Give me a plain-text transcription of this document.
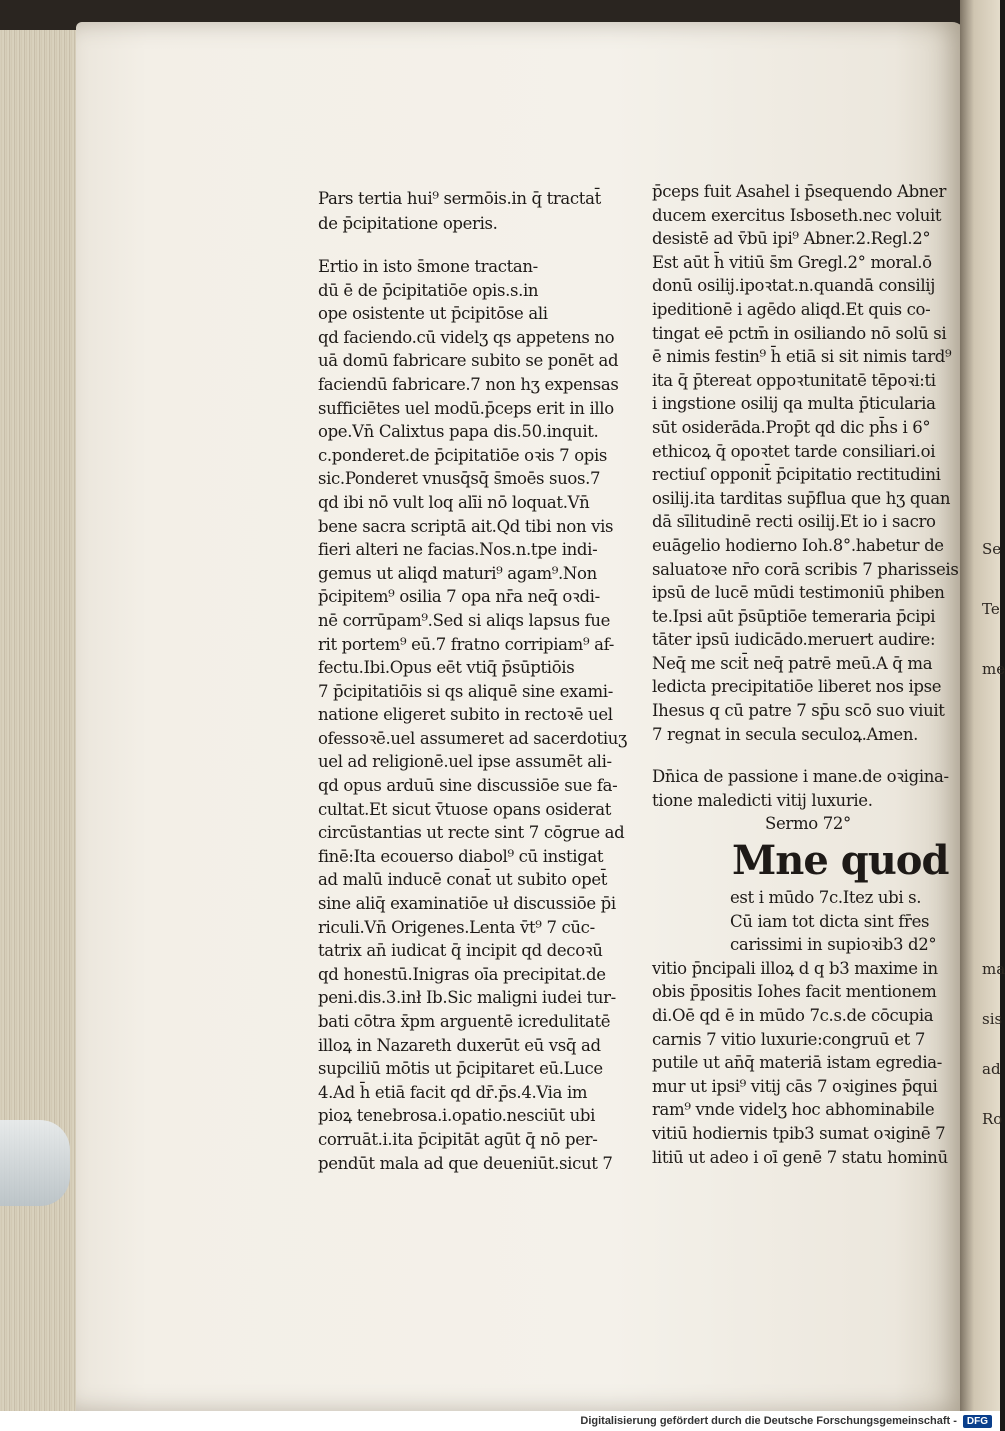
Se
Te
me
ma
sis
ad
Ro
Pars tertia hui⁹ sermōis.in q̄ tractat̄
de p̄cipitatione operis.
Ertio in isto s̄mone tractan-
dū ē de p̄cipitatiōe opis.s.in
ope osistente ut p̄cipitōse ali
qd faciendo.cū videlʒ qs appetens no
uā domū fabricare subito se ponēt ad
faciendū fabricare.7 non hʒ expensas
sufficiētes uel modū.p̄ceps erit in illo
ope.Vn̄ Calixtus papa dis.50.inquit.
c.ponderet.de p̄cipitatiōe oꝛis 7 opis
sic.Ponderet vnusq̄sq̄ s̄moēs suos.7
qd ibi nō vult loq alīi nō loquat.Vn̄
bene sacra scriptā ait.Qd tibi non vis
fieri alteri ne facias.Nos.n.tpe indi-
gemus ut aliqd maturi⁹ agam⁹.Non
p̄cipitem⁹ osilia 7 opa nr̄a neq̄ oꝛdi-
nē corrūpam⁹.Sed si aliqs lapsus fue
rit portem⁹ eū.7 fratno corripiam⁹ af-
fectu.Ibi.Opus eēt vtiq̄ p̄sūptiōis
7 p̄cipitatiōis si qs aliquē sine exami-
natione eligeret subito in rectoꝛē uel
ofessoꝛē.uel assumeret ad sacerdotiuʒ
uel ad religionē.uel ipse assumēt ali-
qd opus arduū sine discussiōe sue fa-
cultat.Et sicut v̄tuose opans osiderat
circūstantias ut recte sint 7 cōgrue ad
finē:Ita ecouerso diabol⁹ cū instigat
ad malū inducē conat̄ ut subito opet̄
sine aliq̄ examinatiōe uł discussiōe p̄i
riculi.Vn̄ Origenes.Lenta v̄t⁹ 7 cūc-
tatrix an̄ iudicat q̄ incipit qd decoꝛū
qd honestū.Inigras oīa precipitat.de
peni.dis.3.inł Ib.Sic maligni iudei tur-
bati cōtra x̄pm arguentē icredulitatē
illoꝝ in Nazareth duxerūt eū vsq̄ ad
supciliū mōtis ut p̄cipitaret eū.Luce
4.Ad h̄ etiā facit qd dr̄.p̄s.4.Via im
pioꝝ tenebrosa.i.opatio.nesciūt ubi
corruāt.i.ita p̄cipitāt agūt q̄ nō per-
pendūt mala ad que deueniūt.sicut 7
p̄ceps fuit Asahel i p̄sequendo Abner
ducem exercitus Isboseth.nec voluit
desistē ad v̄bū ipi⁹ Abner.2.Regl.2°
Est aūt h̄ vitiū s̄m Gregl.2° moral.ō
donū osilij.ipoꝛtat.n.quandā consilij
ipeditionē i agēdo aliqd.Et quis co-
tingat eē pctm̄ in osiliando nō solū si
ē nimis festin⁹ h̄ etiā si sit nimis tard⁹
ita q̄ p̄tereat oppoꝛtunitatē tēpoꝛi:ti
i ingstione osilij qa multa p̄ticularia
sūt osiderāda.Prop̄t qd dic ph̄s i 6°
ethicoꝝ q̄ opoꝛtet tarde consiliari.oi
rectiuſ opponit̄ p̄cipitatio rectitudini
osilij.ita tarditas sup̄flua que hʒ quan
dā sīlitudinē recti osilij.Et io i sacro
euāgelio hodierno Ioh.8°.habetur de
saluatoꝛe nr̄o corā scribis 7 pharisseis
ipsū de lucē mūdi testimoniū phiben
te.Ipsi aūt p̄sūptiōe temeraria p̄cipi
tāter ipsū iudicādo.meruert audire:
Neq̄ me scit̄ neq̄ patrē meū.A q̄ ma
ledicta precipitatiōe liberet nos ipse
Ihesus q cū patre 7 sp̄u scō suo viuit
7 regnat in secula seculoꝝ.Amen.
Dn̄ica de passione i mane.de oꝛigina-
tione maledicti vitij luxurie.
Sermo 72°
Mne quod
est i mūdo 7c.Itez ubi s.
Cū iam tot dicta sint fr̄es
carissimi in supioꝛib3 d2°
vitio p̄ncipali illoꝝ d q b3 maxime in
obis p̄positis Iohes facit mentionem
di.Oē qd ē in mūdo 7c.s.de cōcupia
carnis 7 vitio luxurie:congruū et 7
putile ut an̄q̄ materiā istam egredia-
mur ut ipsi⁹ vitij cās 7 oꝛigines p̄qui
ram⁹ vnde videlʒ hoc abhominabile
vitiū hodiernis tpib3 sumat oꝛiginē 7
litiū ut adeo i oī genē 7 statu hominū
Digitalisierung gefördert durch die Deutsche Forschungsgemeinschaft -	DFG
